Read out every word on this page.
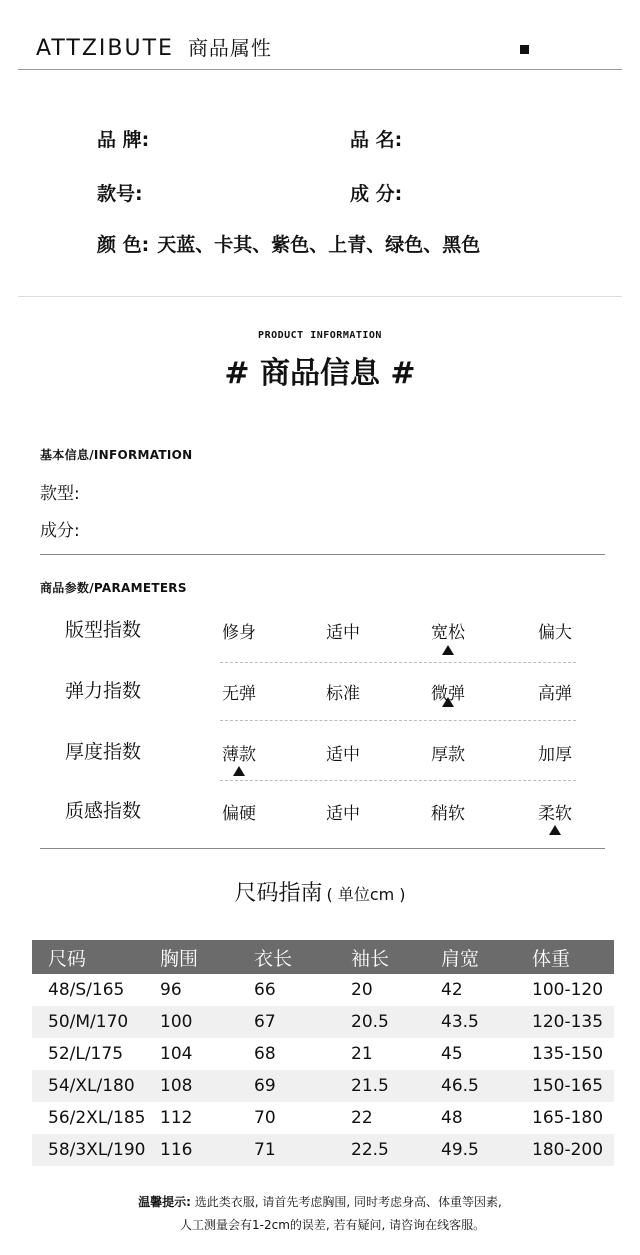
ATTZIBUTE 商品属性
品 牌:	品 名:
款号:	成 分:
颜 色: 天蓝、卡其、紫色、上青、绿色、黑色
PRODUCT INFORMATION
# 商品信息 #
基本信息/INFORMATION
款型:
成分:
商品参数/PARAMETERS
版型指数	修身	适中	宽松	偏大
弹力指数	无弹	标准	微弹	高弹
厚度指数	薄款	适中	厚款	加厚
质感指数	偏硬	适中	稍软	柔软
尺码指南 ( 单位cm )
尺码	胸围	衣长	袖长	肩宽	体重
48/S/165	96	66	20	42	100-120
50/M/170	100	67	20.5	43.5	120-135
52/L/175	104	68	21	45	135-150
54/XL/180	108	69	21.5	46.5	150-165
56/2XL/185	112	70	22	48	165-180
58/3XL/190	116	71	22.5	49.5	180-200
温馨提示: 选此类衣服, 请首先考虑胸围, 同时考虑身高、体重等因素,
人工测量会有1-2cm的误差, 若有疑问, 请咨询在线客服。
